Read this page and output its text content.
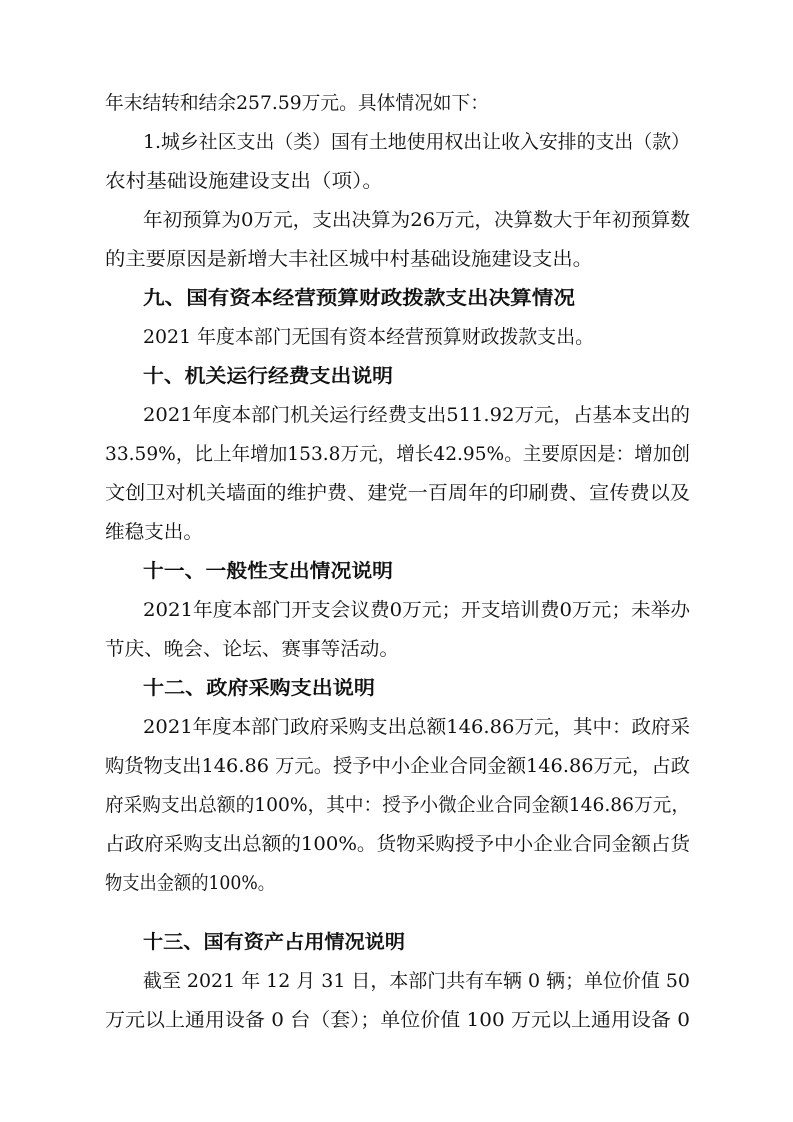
年末结转和结余257.59万元。具体情况如下：
1.城乡社区支出（类）国有土地使用权出让收入安排的支出（款）
农村基础设施建设支出（项）。
年初预算为0万元，支出决算为26万元，决算数大于年初预算数
的主要原因是新增大丰社区城中村基础设施建设支出。
九、国有资本经营预算财政拨款支出决算情况
2021 年度本部门无国有资本经营预算财政拨款支出。
十、机关运行经费支出说明
2021年度本部门机关运行经费支出511.92万元，占基本支出的
33.59%，比上年增加153.8万元，增长42.95%。主要原因是：增加创
文创卫对机关墙面的维护费、建党一百周年的印刷费、宣传费以及
维稳支出。
十一、一般性支出情况说明
2021年度本部门开支会议费0万元；开支培训费0万元；未举办
节庆、晚会、论坛、赛事等活动。
十二、政府采购支出说明
2021年度本部门政府采购支出总额146.86万元，其中：政府采
购货物支出146.86 万元。授予中小企业合同金额146.86万元，占政
府采购支出总额的100%，其中：授予小微企业合同金额146.86万元，
占政府采购支出总额的100%。货物采购授予中小企业合同金额占货
物支出金额的100%。
十三、国有资产占用情况说明
截至 2021 年 12 月 31 日，本部门共有车辆 0 辆；单位价值 50
万元以上通用设备 0 台（套）；单位价值 100 万元以上通用设备 0
